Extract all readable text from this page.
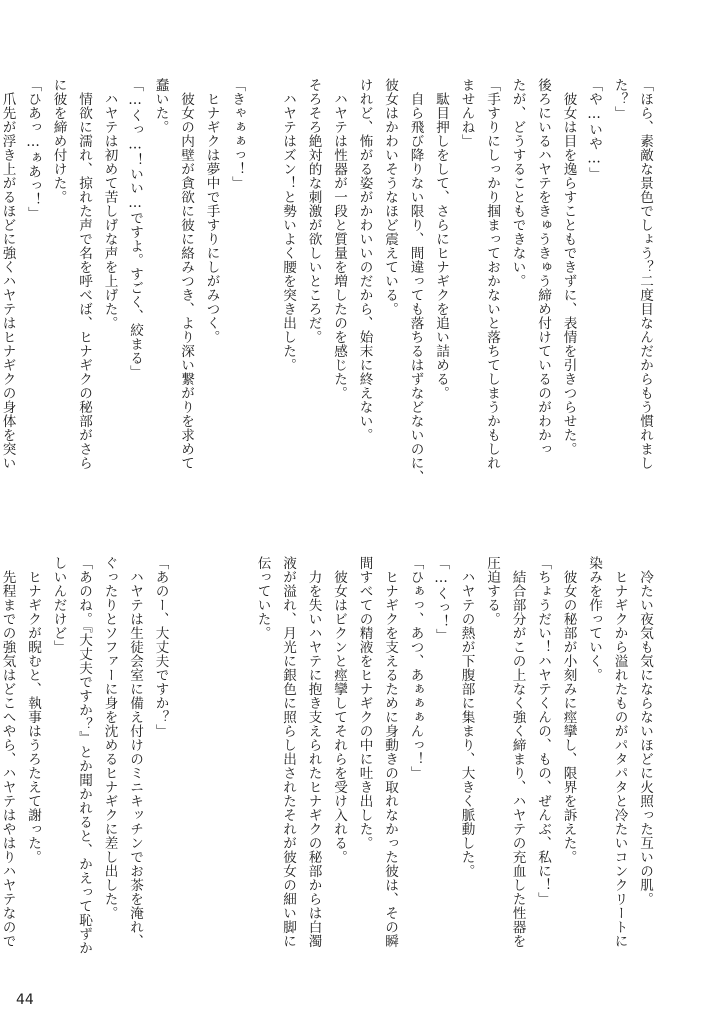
「ほら、素敵な景色でしょう？二度目なんだからもう慣れまし

た？」

「や…いや…」

　彼女は目を逸らすこともできずに、表情を引きつらせた。

後ろにいるハヤテをきゅうきゅう締め付けているのがわかっ

たが、どうすることもできない。

「手すりにしっかり掴まっておかないと落ちてしまうかもしれ

ませんね」

　駄目押しをして、さらにヒナギクを追い詰める。

　自ら飛び降りない限り、間違っても落ちるはずなどないのに、

彼女はかわいそうなほど震えている。

けれど、怖がる姿がかわいいのだから、始末に終えない。

　ハヤテは性器が一段と質量を増したのを感じた。

そろそろ絶対的な刺激が欲しいところだ。

　ハヤテはズン！と勢いよく腰を突き出した。

「きゃぁぁっ！」

　ヒナギクは夢中で手すりにしがみつく。

　彼女の内壁が貪欲に彼に絡みつき、より深い繋がりを求めて

蠢いた。

「…くっ…！いい…ですよ。すごく、絞まる」

　ハヤテは初めて苦しげな声を上げた。

　情欲に濡れ、掠れた声で名を呼べば、ヒナギクの秘部がさら

に彼を締め付けた。

「ひあっ…ぁあっ！」

　爪先が浮き上がるほどに強くハヤテはヒナギクの身体を突い

　冷たい夜気も気にならないほどに火照った互いの肌。

　ヒナギクから溢れたものがパタパタと冷たいコンクリートに

染みを作っていく。

　彼女の秘部が小刻みに痙攣し、限界を訴えた。

「ちょうだい！ハヤテくんの、もの、ぜんぶ、私に！」

　結合部分がこの上なく強く締まり、ハヤテの充血した性器を

圧迫する。

　ハヤテの熱が下腹部に集まり、大きく脈動した。

「…くっ！」

「ひぁっ、あつ、あぁぁぁんっ！」

　ヒナギクを支えるために身動きの取れなかった彼は、その瞬

間すべての精液をヒナギクの中に吐き出した。

　彼女はビクンと痙攣してそれらを受け入れる。

　力を失いハヤテに抱き支えられたヒナギクの秘部からは白濁

液が溢れ、月光に銀色に照らし出されたそれが彼女の細い脚に

伝っていた。

「あのー、大丈夫ですか？」

　ハヤテは生徒会室に備え付けのミニキッチンでお茶を淹れ、

ぐったりとソファーに身を沈めるヒナギクに差し出した。

「あのね。『大丈夫ですか？』とか聞かれると、かえって恥ずか

しいんだけど」

　ヒナギクが睨むと、執事はうろたえて謝った。

　先程までの強気はどこへやら、ハヤテはやはりハヤテなので

44
